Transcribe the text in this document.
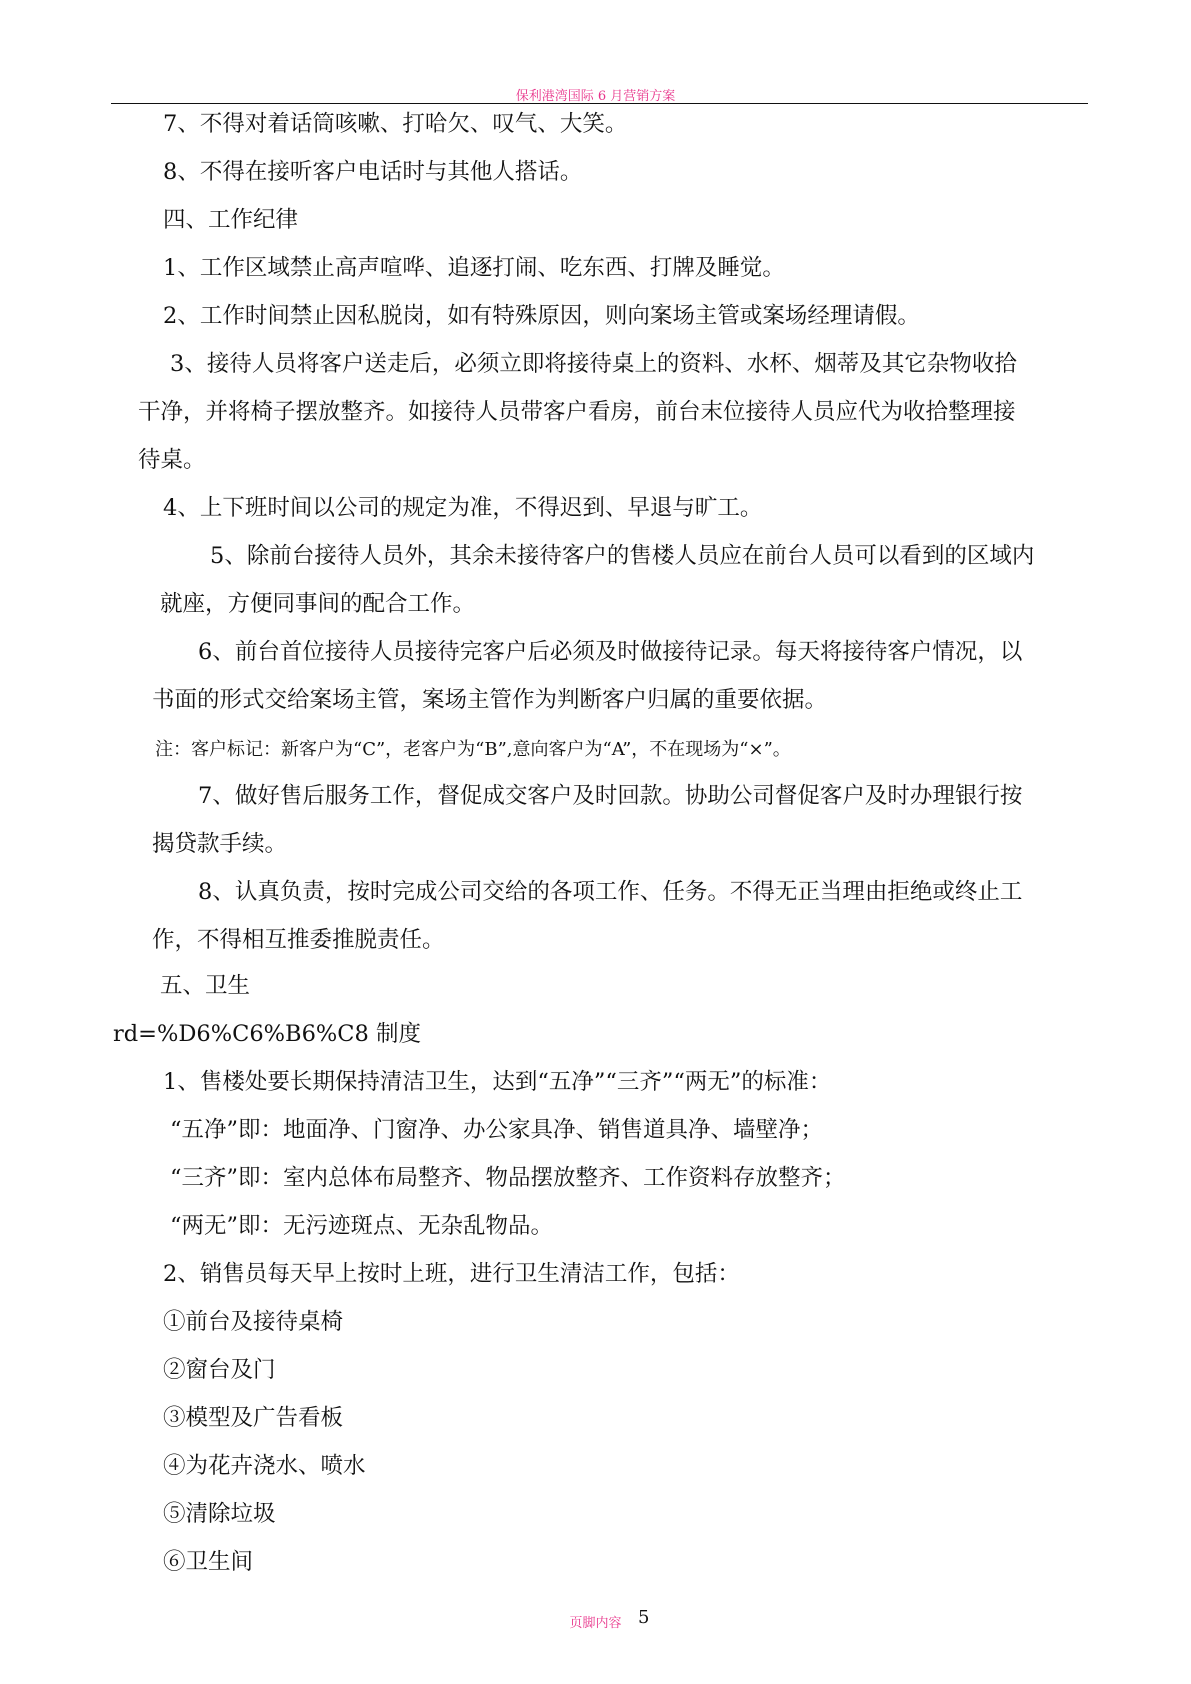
保利港湾国际 6 月营销方案
7、不得对着话筒咳嗽、打哈欠、叹气、大笑。
8、不得在接听客户电话时与其他人搭话。
四、工作纪律
1、工作区域禁止高声喧哗、追逐打闹、吃东西、打牌及睡觉。
2、工作时间禁止因私脱岗，如有特殊原因，则向案场主管或案场经理请假。
3、接待人员将客户送走后，必须立即将接待桌上的资料、水杯、烟蒂及其它杂物收拾
干净，并将椅子摆放整齐。如接待人员带客户看房，前台末位接待人员应代为收拾整理接
待桌。
4、上下班时间以公司的规定为准，不得迟到、早退与旷工。
5、除前台接待人员外，其余未接待客户的售楼人员应在前台人员可以看到的区域内
就座，方便同事间的配合工作。
6、前台首位接待人员接待完客户后必须及时做接待记录。每天将接待客户情况，以
书面的形式交给案场主管，案场主管作为判断客户归属的重要依据。
注：客户标记：新客户为“C”，老客户为“B”,意向客户为“A”，不在现场为“×”。
7、做好售后服务工作，督促成交客户及时回款。协助公司督促客户及时办理银行按
揭贷款手续。
8、认真负责，按时完成公司交给的各项工作、任务。不得无正当理由拒绝或终止工
作，不得相互推委推脱责任。
五、卫生
rd=%D6%C6%B6%C8 制度
1、售楼处要长期保持清洁卫生，达到“五净”“三齐”“两无”的标准：
“五净”即：地面净、门窗净、办公家具净、销售道具净、墙壁净；
“三齐”即：室内总体布局整齐、物品摆放整齐、工作资料存放整齐；
“两无”即：无污迹斑点、无杂乱物品。
2、销售员每天早上按时上班，进行卫生清洁工作，包括：
①前台及接待桌椅
②窗台及门
③模型及广告看板
④为花卉浇水、喷水
⑤清除垃圾
⑥卫生间
页脚内容 5
